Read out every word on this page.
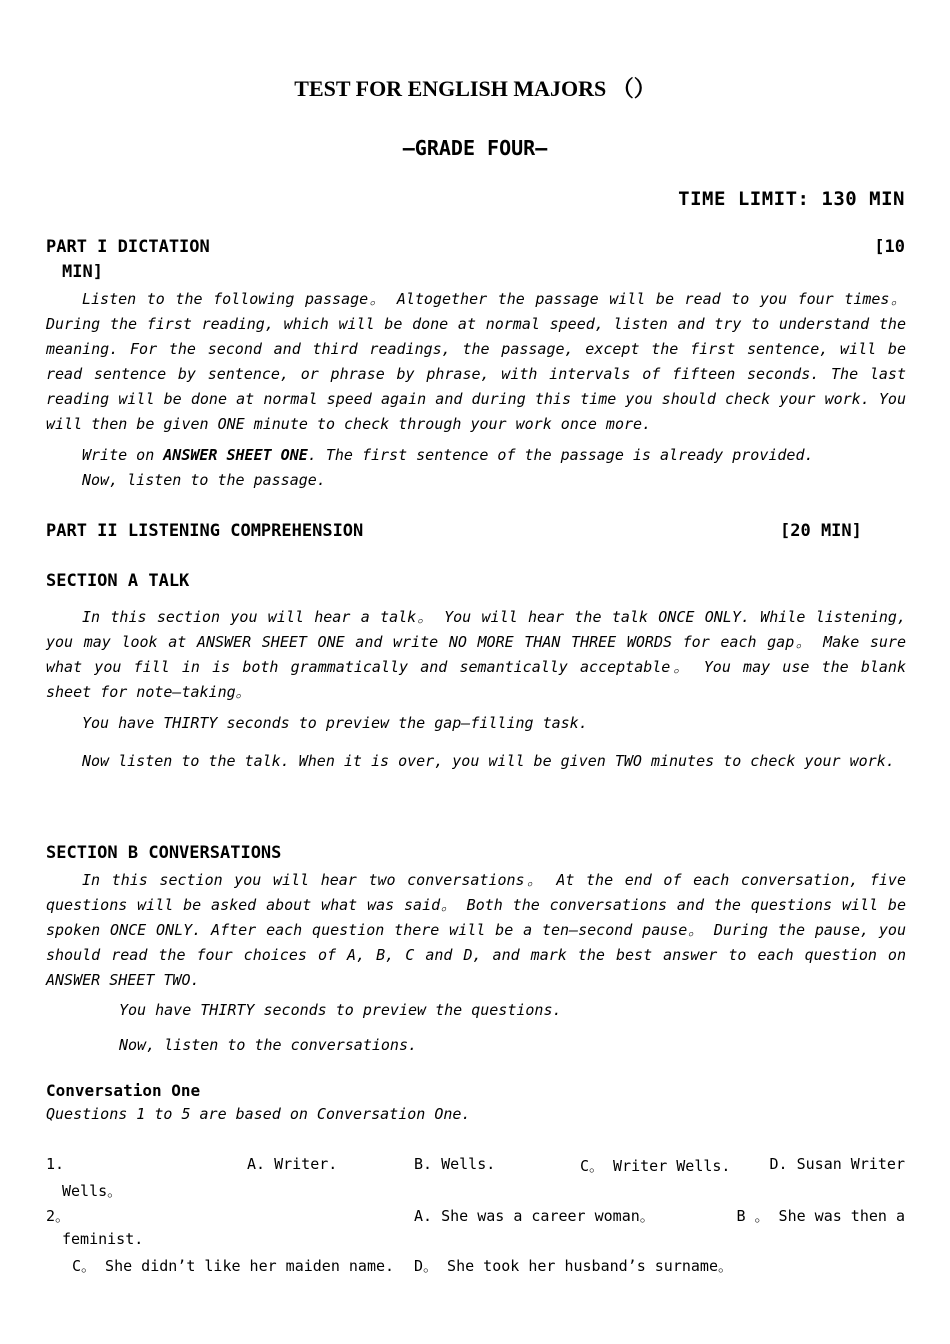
TEST FOR ENGLISH MAJORS （）
—GRADE FOUR—
TIME LIMIT: 130 MIN
PART I DICTATION	[10
MIN]
Listen to the following passage。 Altogether the passage will be read to you four times。 During the first reading, which will be done at normal speed, listen and try to understand the meaning. For the second and third readings, the passage, except the first sentence, will be read sentence by sentence, or phrase by phrase, with intervals of fifteen seconds. The last reading will be done at normal speed again and during this time you should check your work. You will then be given ONE minute to check through your work once more.
Write on ANSWER SHEET ONE. The first sentence of the passage is already provided.
Now, listen to the passage.
PART II LISTENING COMPREHENSION	[20 MIN]
SECTION A TALK
In this section you will hear a talk。 You will hear the talk ONCE ONLY. While listening, you may look at ANSWER SHEET ONE and write NO MORE THAN THREE WORDS for each gap。 Make sure what you fill in is both grammatically and semantically acceptable。 You may use the blank sheet for note—taking。
You have THIRTY seconds to preview the gap—filling task.
Now listen to the talk. When it is over, you will be given TWO minutes to check your work.
SECTION B CONVERSATIONS
In this section you will hear two conversations。 At the end of each conversation, five questions will be asked about what was said。 Both the conversations and the questions will be spoken ONCE ONLY. After each question there will be a ten—second pause。 During the pause, you should read the four choices of A, B, C and D, and mark the best answer to each question on ANSWER SHEET TWO.
You have THIRTY seconds to preview the questions.
Now, listen to the conversations.
Conversation One
Questions 1 to 5 are based on Conversation One.
1.	A. Writer.	B. Wells.	C。 Writer Wells.	D. Susan Writer
Wells。
2。	A. She was a career woman。	B 。 She was then a
feminist.
C。 She didn’t like her maiden name. D。 She took her husband’s surname。
